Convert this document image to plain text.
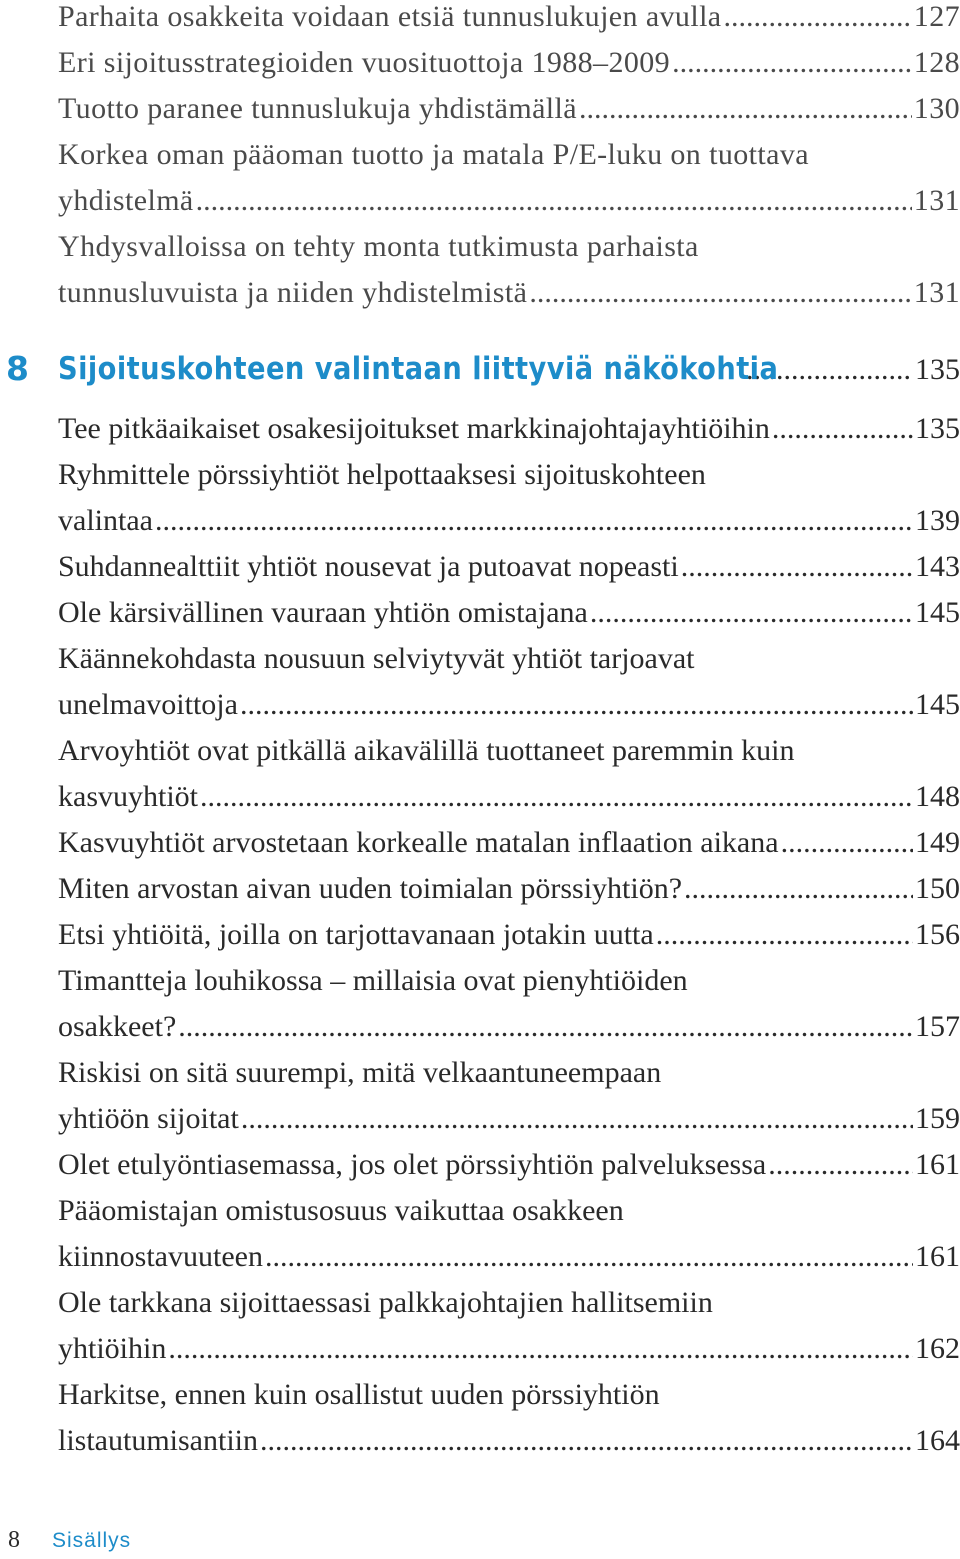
Parhaita osakkeita voidaan etsiä tunnuslukujen avulla .....	127
Eri sijoitusstrategioiden vuosituottoja 1988–2009 .....	128
Tuotto paranee tunnuslukuja yhdistämällä .....	130
Korkea oman pääoman tuotto ja matala P/E-luku on tuottava
yhdistelmä .....	131
Yhdysvalloissa on tehty monta tutkimusta parhaista
tunnusluvuista ja niiden yhdistelmistä .....	131
8 Sijoituskohteen valintaan liittyviä näkökohtia .....	135
Tee pitkäaikaiset osakesijoitukset markkinajohtajayhtiöihin .....	135
Ryhmittele pörssiyhtiöt helpottaaksesi sijoituskohteen
valintaa .....	139
Suhdannealttiit yhtiöt nousevat ja putoavat nopeasti .....	143
Ole kärsivällinen vauraan yhtiön omistajana .....	145
Käännekohdasta nousuun selviytyvät yhtiöt tarjoavat
unelmavoittoja .....	145
Arvoyhtiöt ovat pitkällä aikavälillä tuottaneet paremmin kuin
kasvuyhtiöt .....	148
Kasvuyhtiöt arvostetaan korkealle matalan inflaation aikana .....	149
Miten arvostan aivan uuden toimialan pörssiyhtiön? .....	150
Etsi yhtiöitä, joilla on tarjottavanaan jotakin uutta .....	156
Timantteja louhikossa – millaisia ovat pienyhtiöiden
osakkeet? .....	157
Riskisi on sitä suurempi, mitä velkaantuneempaan
yhtiöön sijoitat .....	159
Olet etulyöntiasemassa, jos olet pörssiyhtiön palveluksessa .....	161
Pääomistajan omistusosuus vaikuttaa osakkeen
kiinnostavuuteen .....	161
Ole tarkkana sijoittaessasi palkkajohtajien hallitsemiin
yhtiöihin .....	162
Harkitse, ennen kuin osallistut uuden pörssiyhtiön
listautumisantiin .....	164
8 Sisällys
